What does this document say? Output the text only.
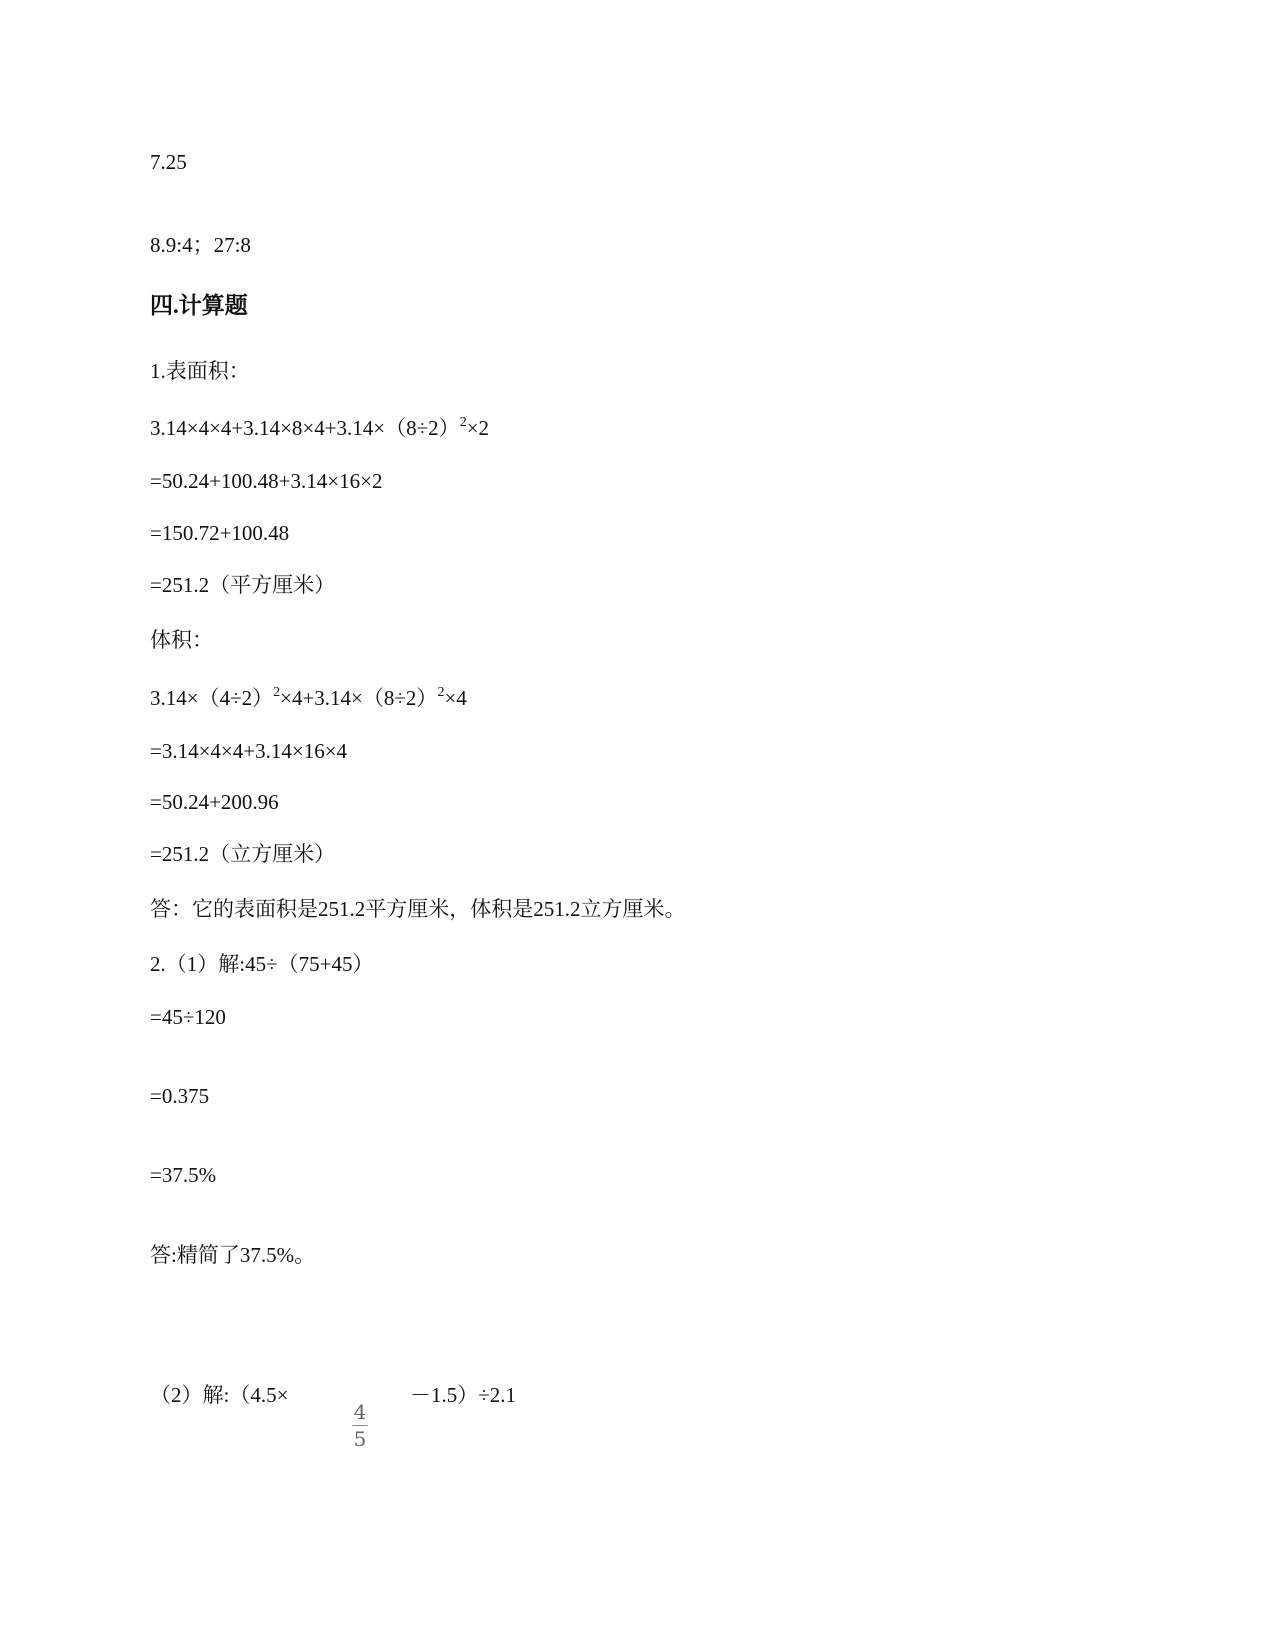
7.25
8.9:4；27:8
四.计算题
1.表面积：
$3.14\times 4\times 4+3.14\times 8\times 4+3.14\times(8\div 2)^2\times 2$
=50.24+100.48+3.14×16×2
=150.72+100.48
=251.2（平方厘米）
体积：
$3.14\times(4\div 2)^2\times 4+3.14\times(8\div 2)^2\times 4$
=3.14×4×4+3.14×16×4
=50.24+200.96
=251.2（立方厘米）
答：它的表面积是251.2平方厘米，体积是251.2立方厘米。
2.（1）解:45÷（75+45）
=45÷120
=0.375
=37.5%
答:精简了37.5%。
（2）解:（4.5×
4
5
－1.5）÷2.1
